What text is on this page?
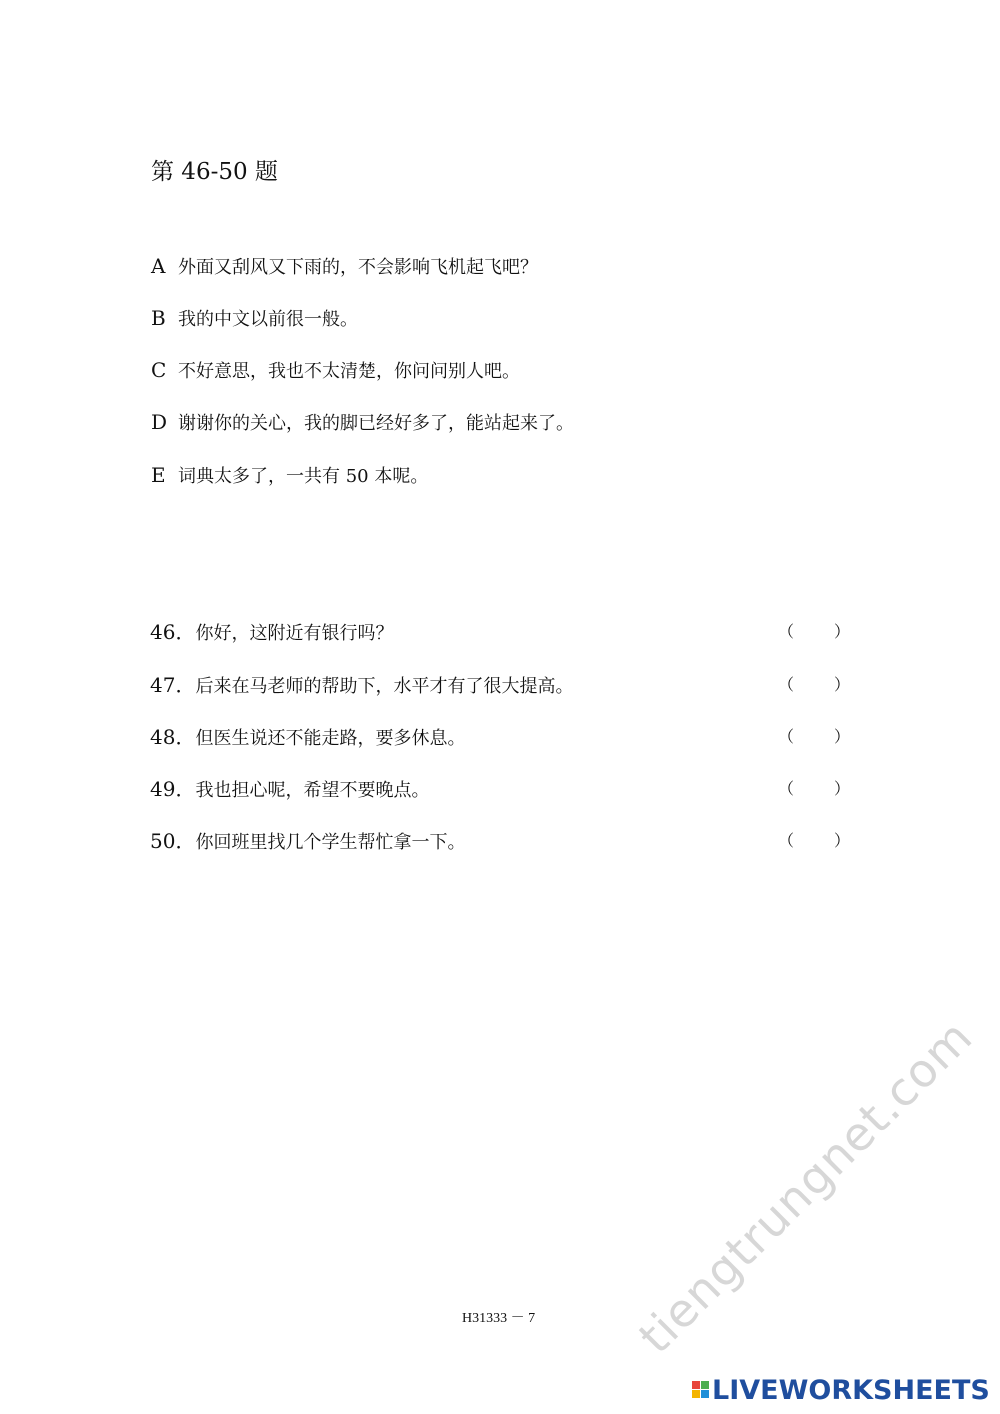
第 46-50 题
A 外面又刮风又下雨的，不会影响飞机起飞吧？
B 我的中文以前很一般。
C 不好意思，我也不太清楚，你问问别人吧。
D 谢谢你的关心，我的脚已经好多了，能站起来了。
E 词典太多了，一共有 50 本呢。
46．你好，这附近有银行吗？	（ ）
47．后来在马老师的帮助下，水平才有了很大提高。	（ ）
48．但医生说还不能走路，要多休息。	（ ）
49．我也担心呢，希望不要晚点。	（ ）
50．你回班里找几个学生帮忙拿一下。	（ ）
tiengtrungnet.com
H31333 － 7
LIVEWORKSHEETS
